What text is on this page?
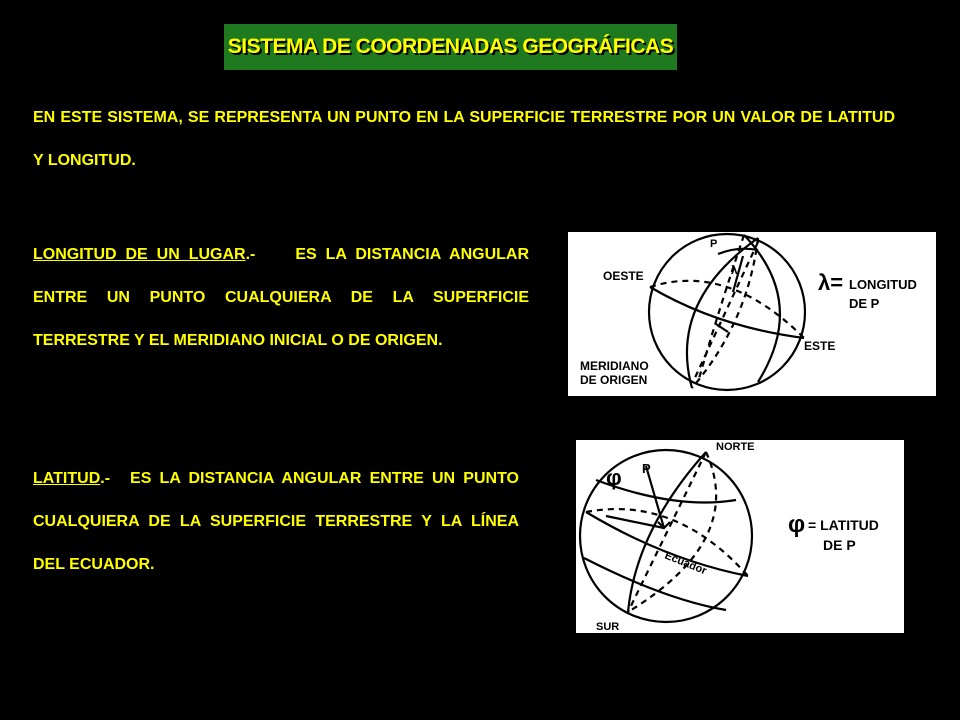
SISTEMA DE COORDENADAS GEOGRÁFICAS
EN ESTE SISTEMA, SE REPRESENTA UN PUNTO EN LA SUPERFICIE TERRESTRE POR UN VALOR DE LATITUD Y LONGITUD.
LONGITUD DE UN LUGAR.-	ES LA DISTANCIA ANGULAR ENTRE UN PUNTO CUALQUIERA DE LA SUPERFICIE TERRESTRE Y EL MERIDIANO INICIAL O DE ORIGEN.
LATITUD.- ES LA DISTANCIA ANGULAR ENTRE UN PUNTO CUALQUIERA DE LA SUPERFICIE TERRESTRE Y LA LÍNEA DEL ECUADOR.
OESTE
ESTE
MERIDIANO
DE ORIGEN
P
λ	λ= LONGITUD
DE P
NORTE
SUR
Ecuador
P
φ
φ = LATITUD
DE P
